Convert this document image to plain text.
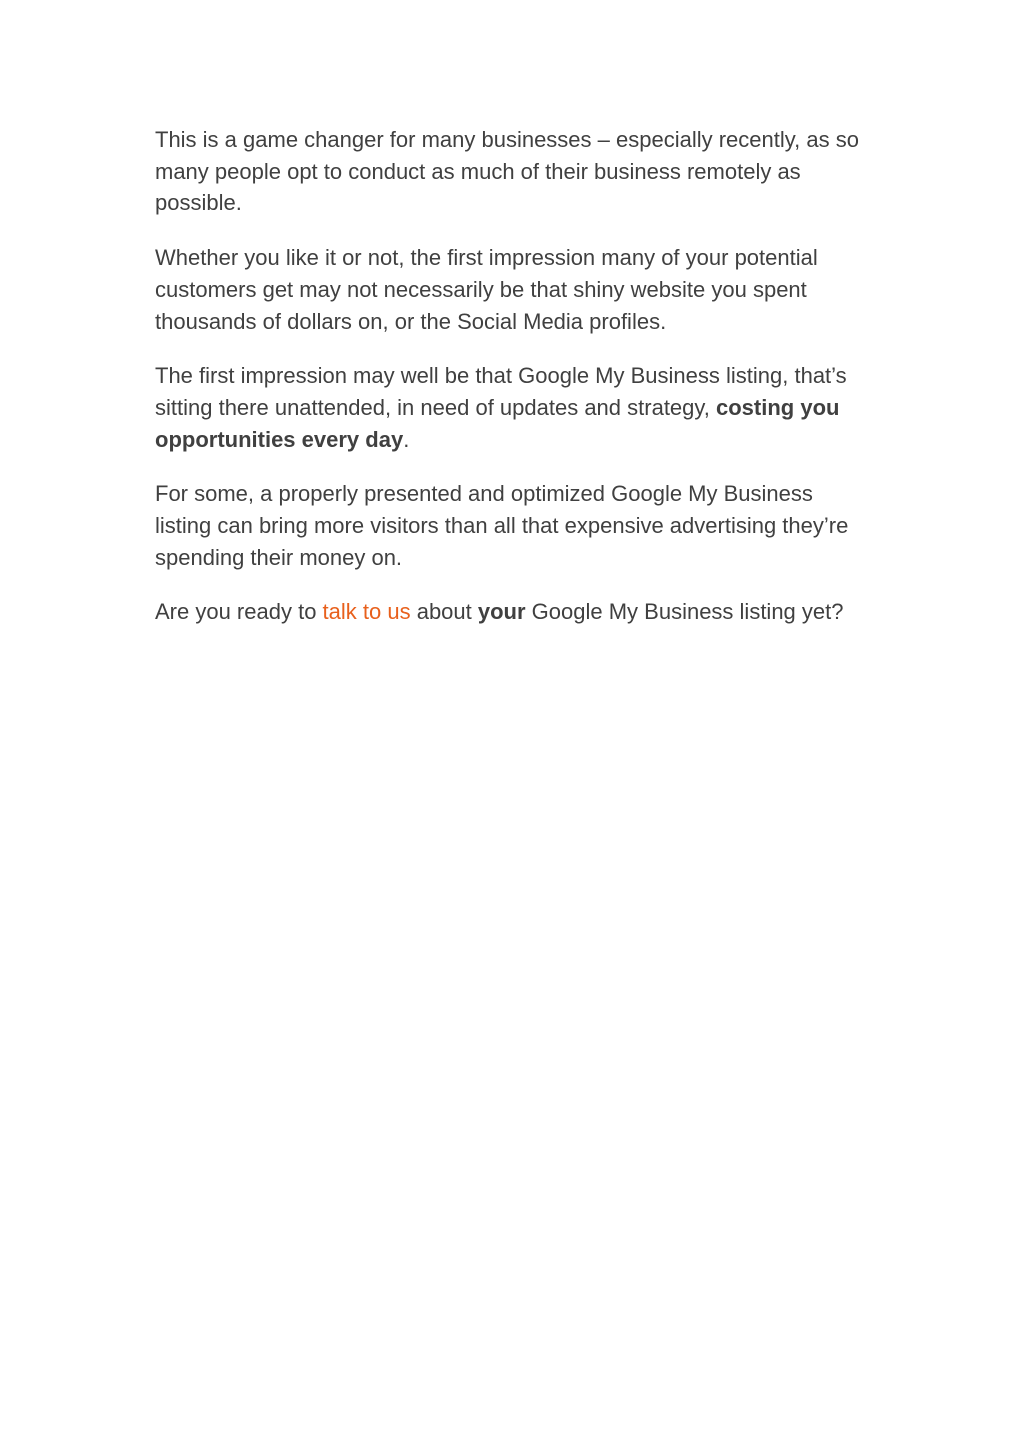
This is a game changer for many businesses – especially recently, as so many people opt to conduct as much of their business remotely as possible.

Whether you like it or not, the first impression many of your potential customers get may not necessarily be that shiny website you spent thousands of dollars on, or the Social Media profiles.

The first impression may well be that Google My Business listing, that’s sitting there unattended, in need of updates and strategy, costing you opportunities every day.

For some, a properly presented and optimized Google My Business listing can bring more visitors than all that expensive advertising they’re spending their money on.

Are you ready to talk to us about your Google My Business listing yet?
